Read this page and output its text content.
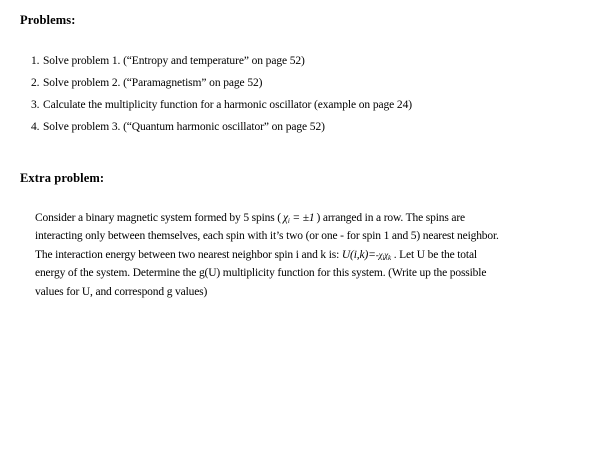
Problems:
1. Solve problem 1. (“Entropy and temperature” on page 52)
2. Solve problem 2. (“Paramagnetism” on page 52)
3. Calculate the multiplicity function for a harmonic oscillator (example on page 24)
4. Solve problem 3. (“Quantum harmonic oscillator” on page 52)
Extra problem:
Consider a binary magnetic system formed by 5 spins ( $\chi_i = \pm 1$) arranged in a row. The spins are
interacting only between themselves, each spin with it’s two (or one - for spin 1 and 5) nearest neighbor.
The interaction energy between two nearest neighbor spin i and k is: $U(i,k)=-\chi_i\chi_k$ . Let U be the total
energy of the system. Determine the g(U) multiplicity function for this system. (Write up the possible
values for U, and correspond g values)
